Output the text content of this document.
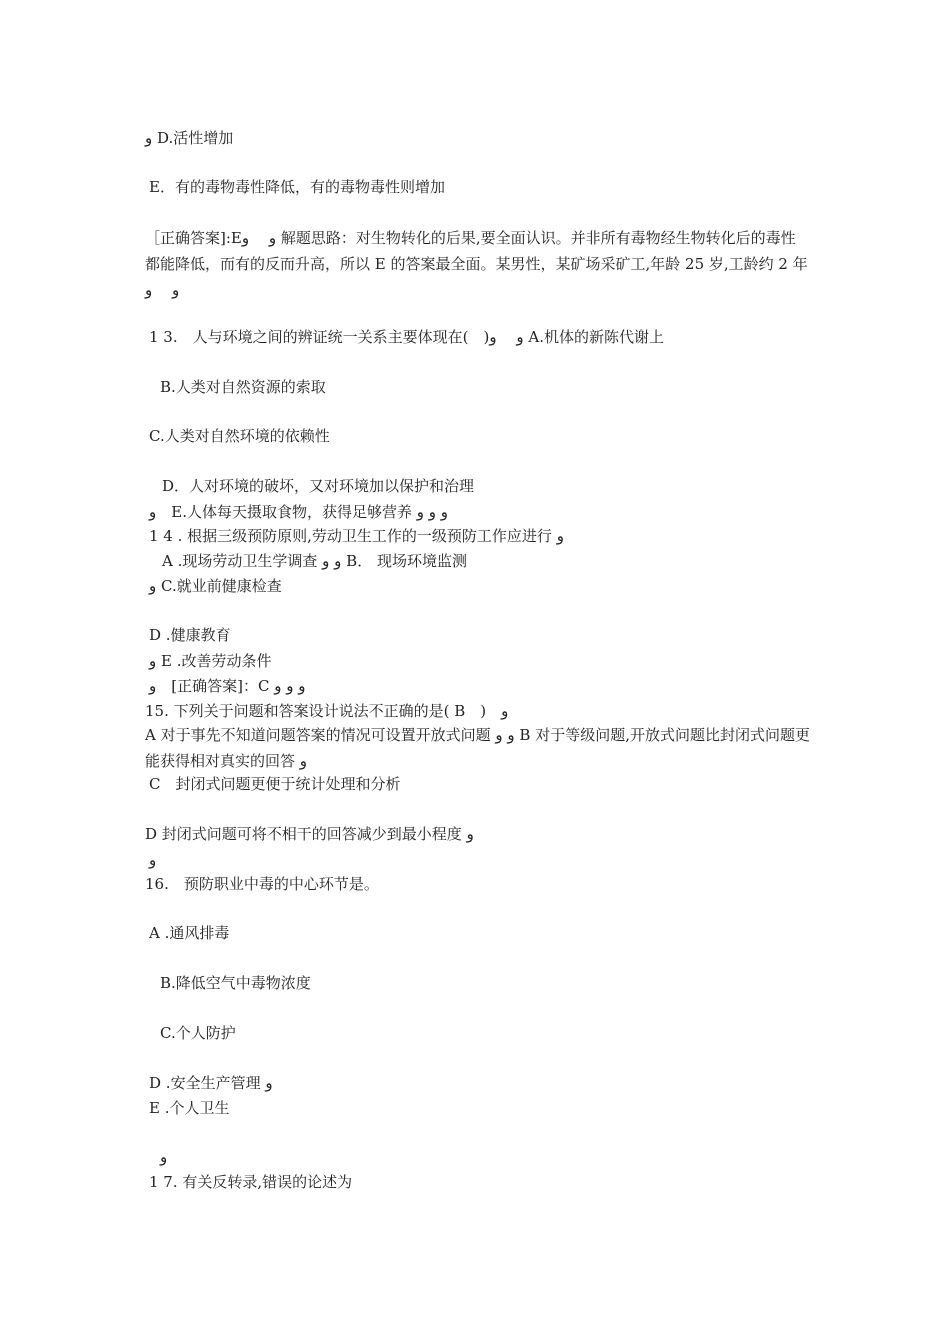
و D.活性增加
E．有的毒物毒性降低，有的毒物毒性则增加
［正确答案]:Eو　 و 解题思路：对生物转化的后果,要全面认识。并非所有毒物经生物转化后的毒性都能降低，而有的反而升高，所以 E 的答案最全面。某男性，某矿场采矿工,年龄 25 岁,工龄约 2 年　و　 و
1 3.　人与环境之间的辨证统一关系主要体现在(　)و　 و A.机体的新陈代谢上
B.人类对自然资源的索取
C.人类对自然环境的依赖性
D．人对环境的破坏，又对环境加以保护和治理
و　E.人体每天摄取食物，获得足够营养 و و و
1 4 . 根据三级预防原则,劳动卫生工作的一级预防工作应进行 و
A .现场劳动卫生学调查 و و B． 现场环境监测
و C.就业前健康检查
D .健康教育
و E .改善劳动条件
و　[正确答案]：C و و و
15. 下列关于问题和答案设计说法不正确的是( B　)　و
A 对于事先不知道问题答案的情况可设置开放式问题 و و B 对于等级问题,开放式问题比封闭式问题更能获得相对真实的回答 و
C　封闭式问题更便于统计处理和分析
D 封闭式问题可将不相干的回答减少到最小程度 و
و
16.　预防职业中毒的中心环节是。
A .通风排毒
B.降低空气中毒物浓度
C.个人防护
D .安全生产管理 و
E .个人卫生
و
1 7. 有关反转录,错误的论述为
